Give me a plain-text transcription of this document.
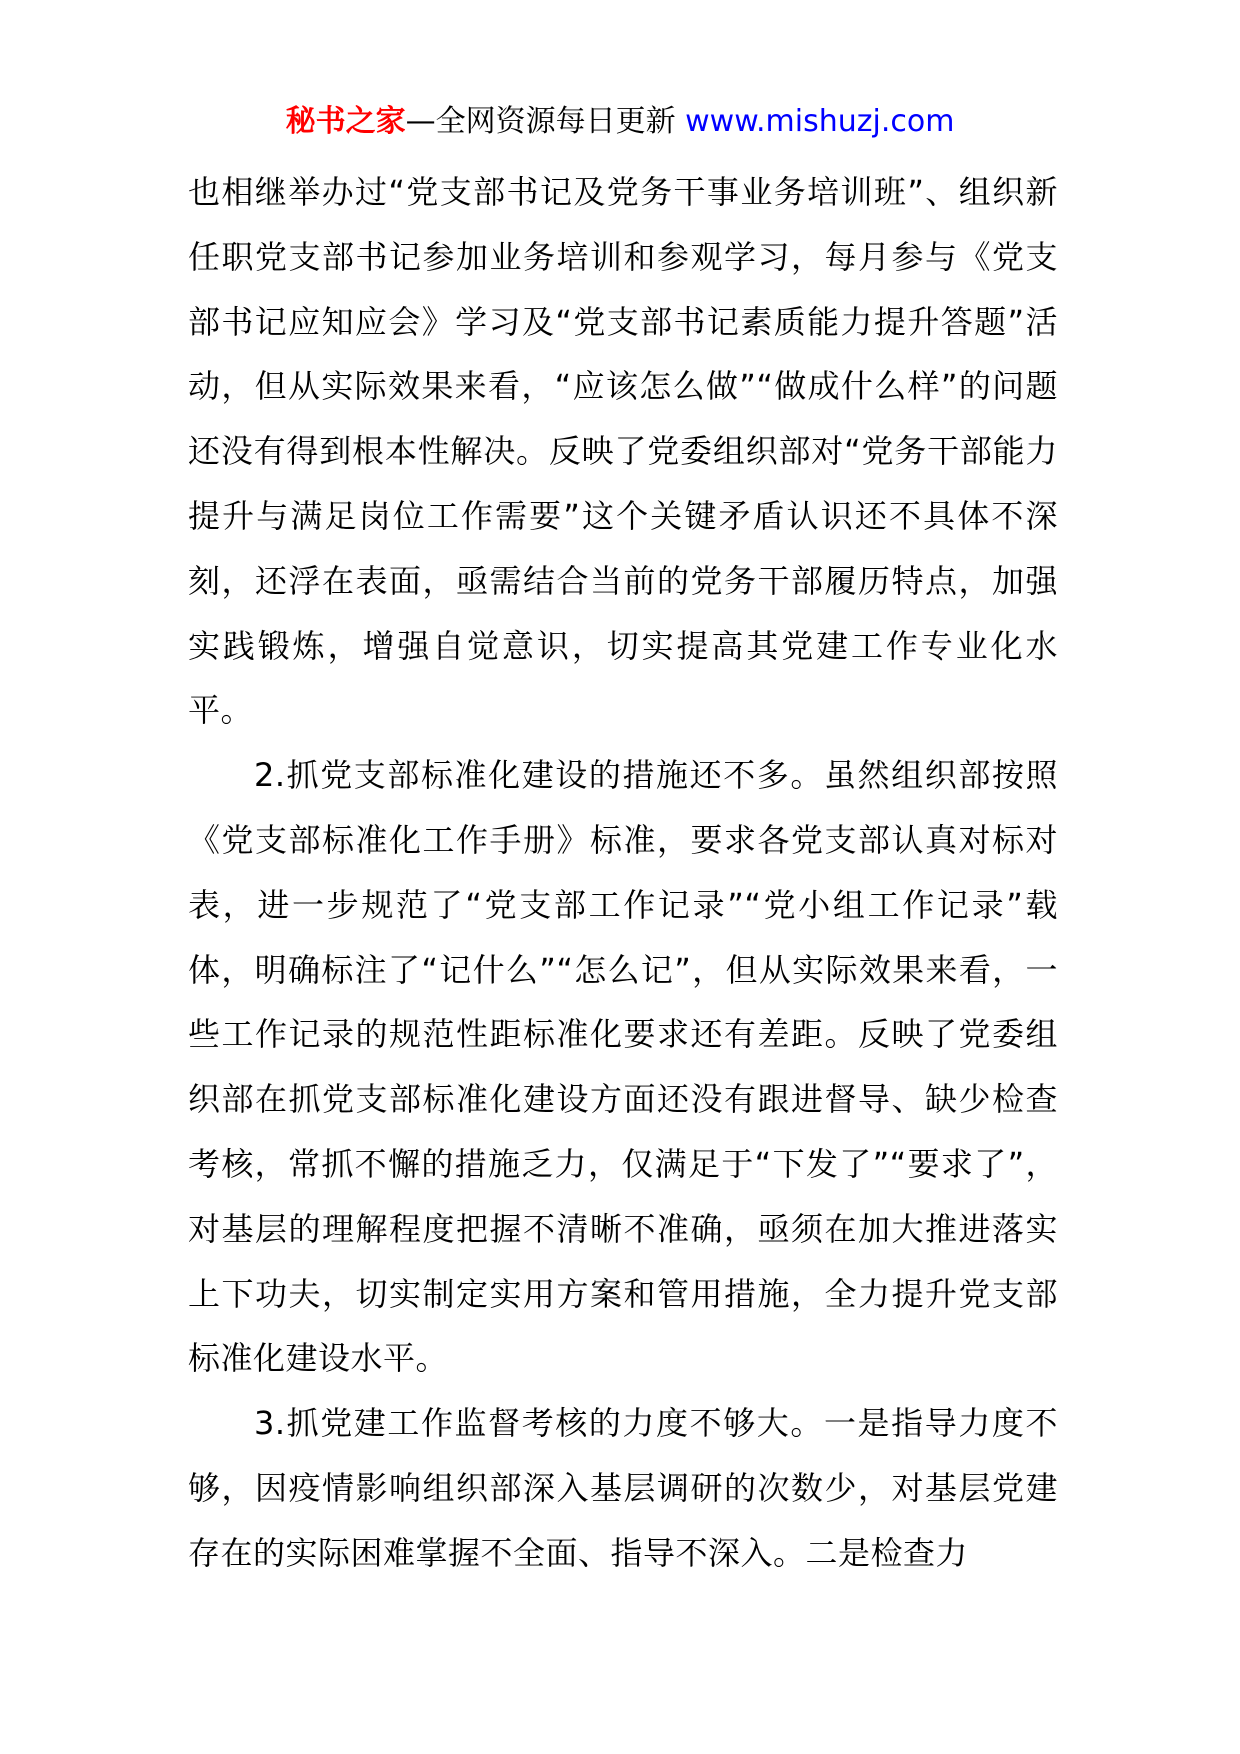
秘书之家—全网资源每日更新 www.mishuzj.com

也相继举办过“党支部书记及党务干事业务培训班”、组织新任职党支部书记参加业务培训和参观学习，每月参与《党支部书记应知应会》学习及“党支部书记素质能力提升答题”活动，但从实际效果来看，“应该怎么做”“做成什么样”的问题还没有得到根本性解决。反映了党委组织部对“党务干部能力提升与满足岗位工作需要”这个关键矛盾认识还不具体不深刻，还浮在表面，亟需结合当前的党务干部履历特点，加强实践锻炼，增强自觉意识，切实提高其党建工作专业化水平。

2.抓党支部标准化建设的措施还不多。虽然组织部按照《党支部标准化工作手册》标准，要求各党支部认真对标对表，进一步规范了“党支部工作记录”“党小组工作记录”载体，明确标注了“记什么”“怎么记”，但从实际效果来看，一些工作记录的规范性距标准化要求还有差距。反映了党委组织部在抓党支部标准化建设方面还没有跟进督导、缺少检查考核，常抓不懈的措施乏力，仅满足于“下发了”“要求了”，对基层的理解程度把握不清晰不准确，亟须在加大推进落实上下功夫，切实制定实用方案和管用措施，全力提升党支部标准化建设水平。

3.抓党建工作监督考核的力度不够大。一是指导力度不够，因疫情影响组织部深入基层调研的次数少，对基层党建存在的实际困难掌握不全面、指导不深入。二是检查力
